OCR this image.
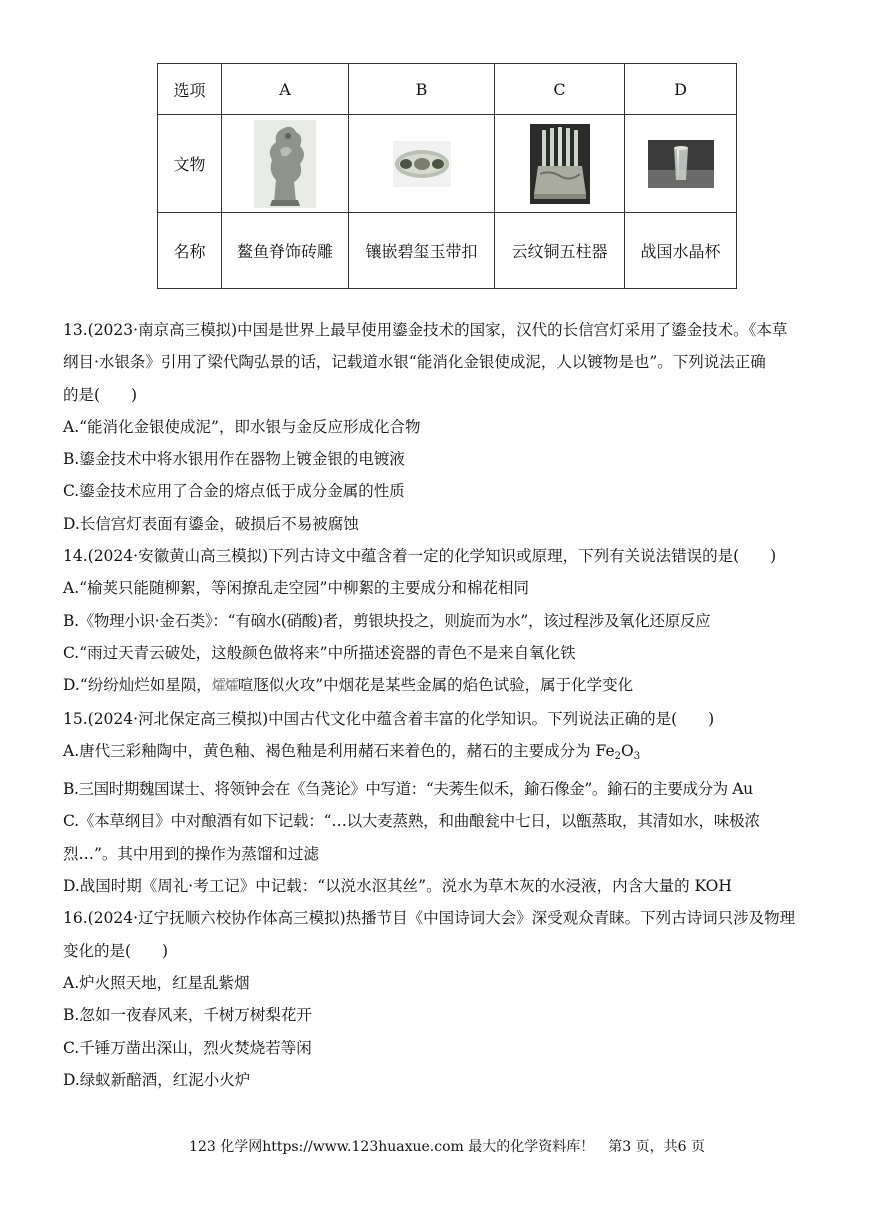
选项	A	B	C	D
文物				
名称	鳌鱼脊饰砖雕	镶嵌碧玺玉带扣	云纹铜五柱器	战国水晶杯

13.(2023·南京高三模拟)中国是世界上最早使用鎏金技术的国家，汉代的长信宫灯采用了鎏金技术。《本草

纲目·水银条》引用了梁代陶弘景的话，记载道水银“能消化金银使成泥，人以镀物是也”。下列说法正确

的是(　　)

A.“能消化金银使成泥”，即水银与金反应形成化合物

B.鎏金技术中将水银用作在器物上镀金银的电镀液

C.鎏金技术应用了合金的熔点低于成分金属的性质

D.长信宫灯表面有鎏金，破损后不易被腐蚀

14.(2024·安徽黄山高三模拟)下列古诗文中蕴含着一定的化学知识或原理，下列有关说法错误的是(　　)

A.“榆荚只能随柳絮，等闲撩乱走空园”中柳絮的主要成分和棉花相同

B.《物理小识·金石类》：“有硇水(硝酸)者，剪银块投之，则旋而为水”，该过程涉及氧化还原反应

C.“雨过天青云破处，这般颜色做将来”中所描述瓷器的青色不是来自氧化铁

D.“纷纷灿烂如星陨，㸌㸌喧豗似火攻”中烟花是某些金属的焰色试验，属于化学变化

15.(2024·河北保定高三模拟)中国古代文化中蕴含着丰富的化学知识。下列说法正确的是(　　)

A.唐代三彩釉陶中，黄色釉、褐色釉是利用赭石来着色的，赭石的主要成分为 $Fe_2O_3$

B.三国时期魏国谋士、将领钟会在《刍荛论》中写道：“夫莠生似禾，鍮石像金”。鍮石的主要成分为 Au

C.《本草纲目》中对酿酒有如下记载：“…以大麦蒸熟，和曲酿瓮中七日，以甑蒸取，其清如水，味极浓

烈…”。其中用到的操作为蒸馏和过滤

D.战国时期《周礼·考工记》中记载：“以涚水沤其丝”。涚水为草木灰的水浸液，内含大量的 KOH

16.(2024·辽宁抚顺六校协作体高三模拟)热播节目《中国诗词大会》深受观众青睐。下列古诗词只涉及物理

变化的是(　　)

A.炉火照天地，红星乱紫烟

B.忽如一夜春风来，千树万树梨花开

C.千锤万凿出深山，烈火焚烧若等闲

D.绿蚁新醅酒，红泥小火炉

123 化学网https://www.123huaxue.com 最大的化学资料库！　第3 页，共6 页
